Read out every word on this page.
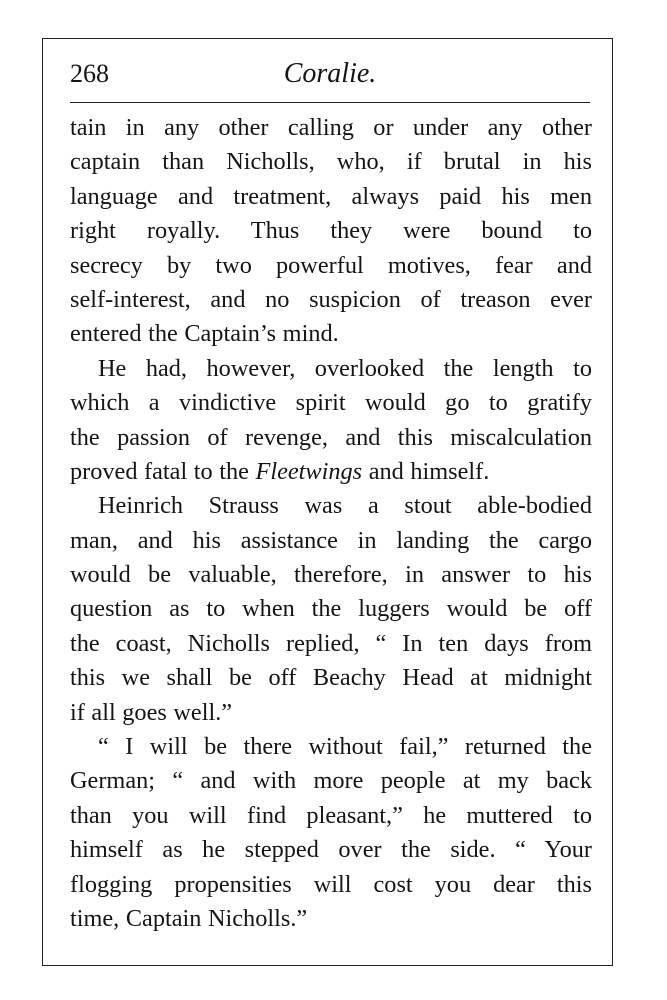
268	Coralie.
tain in any other calling or under any other
captain than Nicholls, who, if brutal in his
language and treatment, always paid his men
right royally. Thus they were bound to
secrecy by two powerful motives, fear and
self-interest, and no suspicion of treason ever
entered the Captain’s mind.
He had, however, overlooked the length to
which a vindictive spirit would go to gratify
the passion of revenge, and this miscalculation
proved fatal to the Fleetwings and himself.
Heinrich Strauss was a stout able-bodied
man, and his assistance in landing the cargo
would be valuable, therefore, in answer to his
question as to when the luggers would be off
the coast, Nicholls replied, “ In ten days from
this we shall be off Beachy Head at midnight
if all goes well.”
“ I will be there without fail,” returned the
German; “ and with more people at my back
than you will find pleasant,” he muttered to
himself as he stepped over the side. “ Your
flogging propensities will cost you dear this
time, Captain Nicholls.”
